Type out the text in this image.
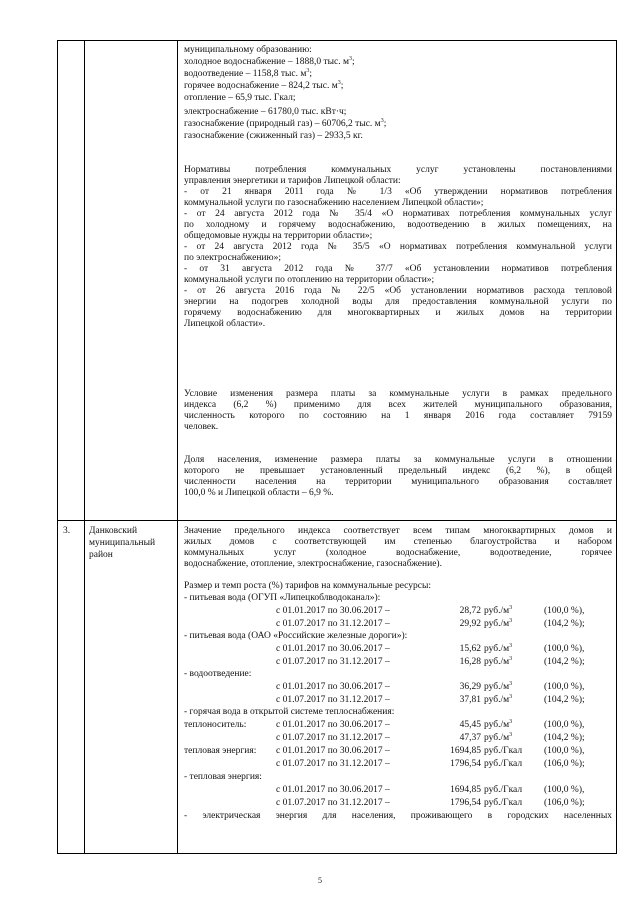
муниципальному образованию:
холодное водоснабжение – 1888,0 тыс. $м^3$;
водоотведение – 1158,8 тыс. $м^3$;
горячее водоснабжение – 824,2 тыс. $м^3$;
отопление – 65,9 тыс. Гкал;
электроснабжение – 61780,0 тыс. кВт·ч;
газоснабжение (природный газ) – 60706,2 тыс. $м^3$;
газоснабжение (сжиженный газ) – 2933,5 кг.
Нормативы потребления коммунальных услуг установлены постановлениями
управления энергетики и тарифов Липецкой области:
- от 21 января 2011 года № 1/3 «Об утверждении нормативов потребления
коммунальной услуги по газоснабжению населением Липецкой области»;
- от 24 августа 2012 года № 35/4 «О нормативах потребления коммунальных услуг
по холодному и горячему водоснабжению, водоотведению в жилых помещениях, на
общедомовые нужды на территории области»;
- от 24 августа 2012 года № 35/5 «О нормативах потребления коммунальной услуги
по электроснабжению»;
- от 31 августа 2012 года № 37/7 «Об установлении нормативов потребления
коммунальной услуги по отоплению на территории области»;
- от 26 августа 2016 года № 22/5 «Об установлении нормативов расхода тепловой
энергии на подогрев холодной воды для предоставления коммунальной услуги по
горячему водоснабжению для многоквартирных и жилых домов на территории
Липецкой области».
Условие изменения размера платы за коммунальные услуги в рамках предельного
индекса (6,2 %) применимо для всех жителей муниципального образования,
численность которого по состоянию на 1 января 2016 года составляет 79159
человек.
Доля населения, изменение размера платы за коммунальные услуги в отношении
которого не превышает установленный предельный индекс (6,2 %), в общей
численности населения на территории муниципального образования составляет
100,0 % и Липецкой области – 6,9 %.
3. Данковский
муниципальный
район
Значение предельного индекса соответствует всем типам многоквартирных домов и
жилых домов с соответствующей им степенью благоустройства и набором
коммунальных услуг (холодное водоснабжение, водоотведение, горячее
водоснабжение, отопление, электроснабжение, газоснабжение).
Размер и темп роста (%) тарифов на коммунальные ресурсы:
- питьевая вода (ОГУП «Липецкоблводоканал»):
с 01.01.2017 по 30.06.2017 –	28,72 $руб./м^3$	(100,0 %),
с 01.07.2017 по 31.12.2017 –	29,92 $руб./м^3$	(104,2 %);
- питьевая вода (ОАО «Российские железные дороги»):
с 01.01.2017 по 30.06.2017 –	15,62 $руб./м^3$	(100,0 %),
с 01.07.2017 по 31.12.2017 –	16,28 $руб./м^3$	(104,2 %);
- водоотведение:
с 01.01.2017 по 30.06.2017 –	36,29 $руб./м^3$	(100,0 %),
с 01.07.2017 по 31.12.2017 –	37,81 $руб./м^3$	(104,2 %);
- горячая вода в открытой системе теплоснабжения:
теплоноситель:	с 01.01.2017 по 30.06.2017 –	45,45 $руб./м^3$	(100,0 %),
с 01.07.2017 по 31.12.2017 –	47,37 $руб./м^3$	(104,2 %);
тепловая энергия: с 01.01.2017 по 30.06.2017 –	1694,85 руб./Гкал (100,0 %),
с 01.07.2017 по 31.12.2017 –	1796,54 руб./Гкал (106,0 %);
- тепловая энергия:
с 01.01.2017 по 30.06.2017 –	1694,85 руб./Гкал (100,0 %),
с 01.07.2017 по 31.12.2017 –	1796,54 руб./Гкал (106,0 %);
- электрическая энергия для населения, проживающего в городских населенных
5
